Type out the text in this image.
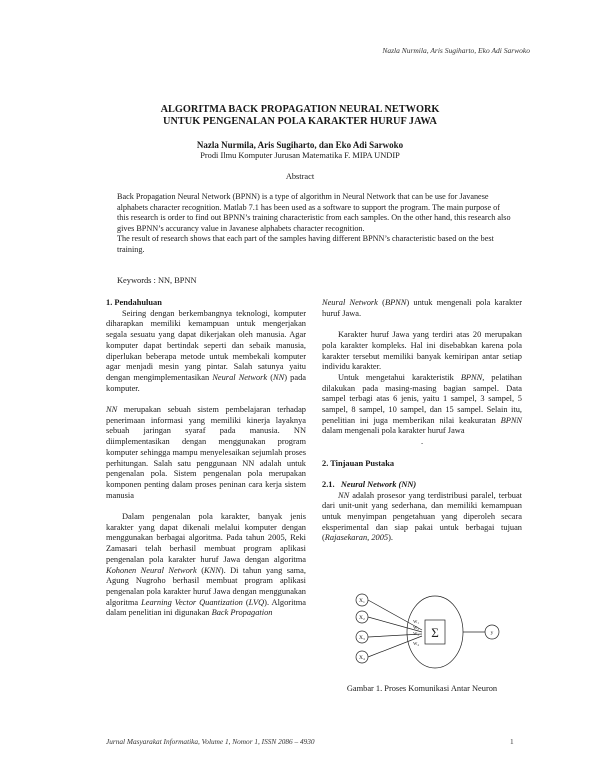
Nazla Nurmila, Aris Sugiharto, Eko Adi Sarwoko
ALGORITMA BACK PROPAGATION NEURAL NETWORK
UNTUK PENGENALAN POLA KARAKTER HURUF JAWA
Nazla Nurmila, Aris Sugiharto, dan Eko Adi Sarwoko
Prodi Ilmu Komputer Jurusan Matematika F. MIPA UNDIP
Abstract

Back Propagation Neural Network (BPNN) is a type of algorithm in Neural Network that can be use for Javanese alphabets character recognition. Matlab 7.1 has been used as a software to support the program. The main purpose of this research is order to find out BPNN’s training characteristic from each samples. On the other hand, this research also gives BPNN’s accurancy value in Javanese alphabets character recognition.

The result of research shows that each part of the samples having different BPNN’s characteristic based on the best training.

Keywords : NN, BPNN
1. Pendahuluan

Seiring dengan berkembangnya teknologi, komputer diharapkan memiliki kemampuan untuk mengerjakan segala sesuatu yang dapat dikerjakan oleh manusia. Agar komputer dapat bertindak seperti dan sebaik manusia, diperlukan beberapa metode untuk membekali komputer agar menjadi mesin yang pintar. Salah satunya yaitu dengan mengimplementasikan Neural Network (NN) pada komputer.

NN merupakan sebuah sistem pembelajaran terhadap penerimaan informasi yang memiliki kinerja layaknya sebuah jaringan syaraf pada manusia. NN diimplementasikan dengan menggunakan program komputer sehingga mampu menyelesaikan sejumlah proses perhitungan. Salah satu penggunaan NN adalah untuk pengenalan pola. Sistem pengenalan pola merupakan komponen penting dalam proses peninan cara kerja sistem manusia

Dalam pengenalan pola karakter, banyak jenis karakter yang dapat dikenali melalui komputer dengan menggunakan berbagai algoritma. Pada tahun 2005, Reki Zamasari telah berhasil membuat program aplikasi pengenalan pola karakter huruf Jawa dengan algoritma Kohonen Neural Network (KNN). Di tahun yang sama, Agung Nugroho berhasil membuat program aplikasi pengenalan pola karakter huruf Jawa dengan menggunakan algoritma Learning Vector Quantization (LVQ). Algoritma dalam penelitian ini digunakan Back Propagation

Neural Network (BPNN) untuk mengenali pola karakter huruf Jawa.

Karakter huruf Jawa yang terdiri atas 20 merupakan pola karakter kompleks. Hal ini disebabkan karena pola karakter tersebut memiliki banyak kemiripan antar setiap individu karakter.

Untuk mengetahui karakteristik BPNN, pelatihan dilakukan pada masing-masing bagian sampel. Data sampel terbagi atas 6 jenis, yaitu 1 sampel, 3 sampel, 5 sampel, 8 sampel, 10 sampel, dan 15 sampel. Selain itu, penelitian ini juga memberikan nilai keakuratan BPNN dalam mengenali pola karakter huruf Jawa

.

2. Tinjauan Pustaka
2.1. Neural Network (NN)

NN adalah prosesor yang terdistribusi paralel, terbuat dari unit-unit yang sederhana, dan memiliki kemampuan untuk menyimpan pengetahuan yang diperoleh secara eksperimental dan siap pakai untuk berbagai tujuan (Rajasekaran, 2005).

X₁
X₂
X₃
X₄
W₁
W₂
W₃
W₄
Σ	y
Gambar 1. Proses Komunikasi Antar Neuron
Jurnal Masyarakat Informatika, Volume 1, Nomor 1, ISSN 2086 – 4930	1
